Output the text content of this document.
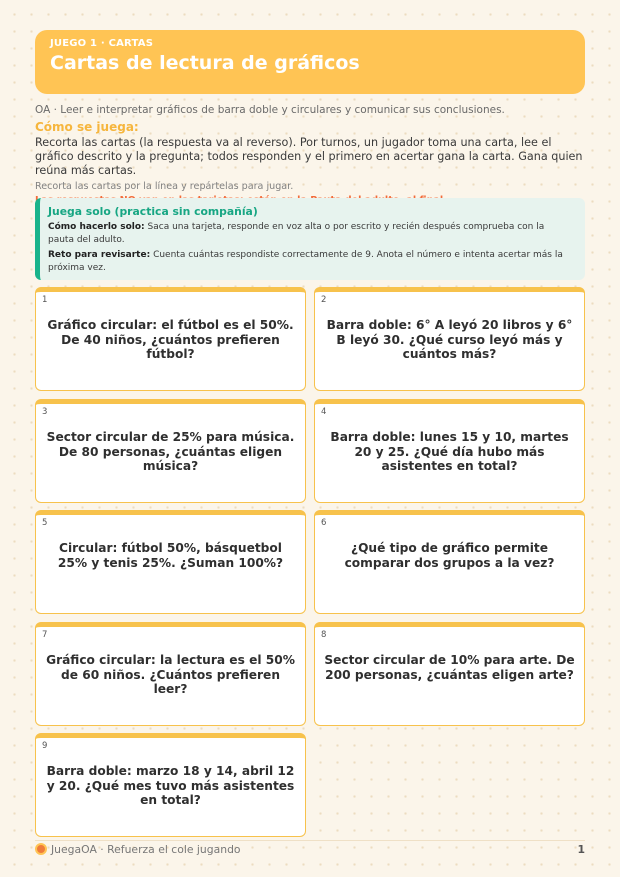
JUEGO 1 · CARTAS
Cartas de lectura de gráficos
OA · Leer e interpretar gráficos de barra doble y circulares y comunicar sus conclusiones.
Cómo se juega:
Recorta las cartas (la respuesta va al reverso). Por turnos, un jugador toma una carta, lee el gráfico descrito y la pregunta; todos responden y el primero en acertar gana la carta. Gana quien reúna más cartas.
Recorta las cartas por la línea y repártelas para jugar.
Juega solo (practica sin compañía)
Cómo hacerlo solo: Saca una tarjeta, responde en voz alta o por escrito y recién después comprueba con la pauta del adulto.
Reto para revisarte: Cuenta cuántas respondiste correctamente de 9. Anota el número e intenta acertar más la próxima vez.
1
Gráfico circular: el fútbol es el 50%. De 40 niños, ¿cuántos prefieren fútbol?
2
Barra doble: 6° A leyó 20 libros y 6° B leyó 30. ¿Qué curso leyó más y cuántos más?
3
Sector circular de 25% para música. De 80 personas, ¿cuántas eligen música?
4
Barra doble: lunes 15 y 10, martes 20 y 25. ¿Qué día hubo más asistentes en total?
5
Circular: fútbol 50%, básquetbol 25% y tenis 25%. ¿Suman 100%?
6
¿Qué tipo de gráfico permite comparar dos grupos a la vez?
7
Gráfico circular: la lectura es el 50% de 60 niños. ¿Cuántos prefieren leer?
8
Sector circular de 10% para arte. De 200 personas, ¿cuántas eligen arte?
9
Barra doble: marzo 18 y 14, abril 12 y 20. ¿Qué mes tuvo más asistentes en total?
JuegaOA · Refuerza el cole jugando	1
